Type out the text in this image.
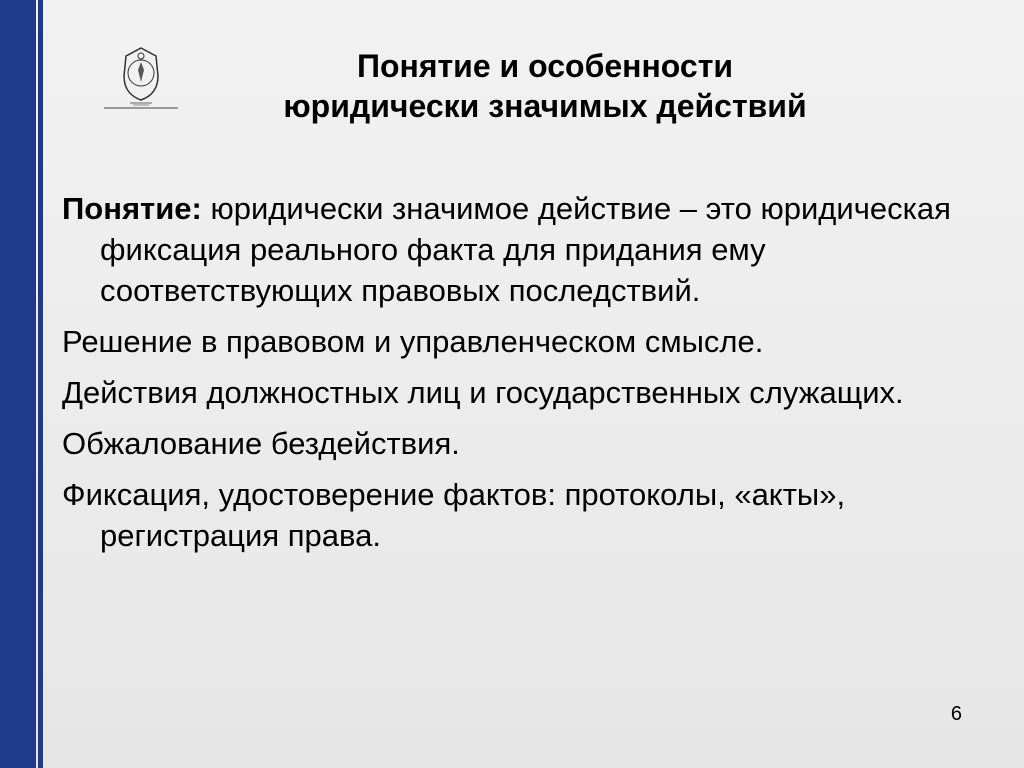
Понятие и особенности
юридически значимых действий
Понятие: юридически значимое действие – это юридическая фиксация реального факта для придания ему соответствующих правовых последствий.
Решение в правовом и управленческом смысле.
Действия должностных лиц и государственных служащих.
Обжалование бездействия.
Фиксация, удостоверение фактов: протоколы, «акты», регистрация права.
6
